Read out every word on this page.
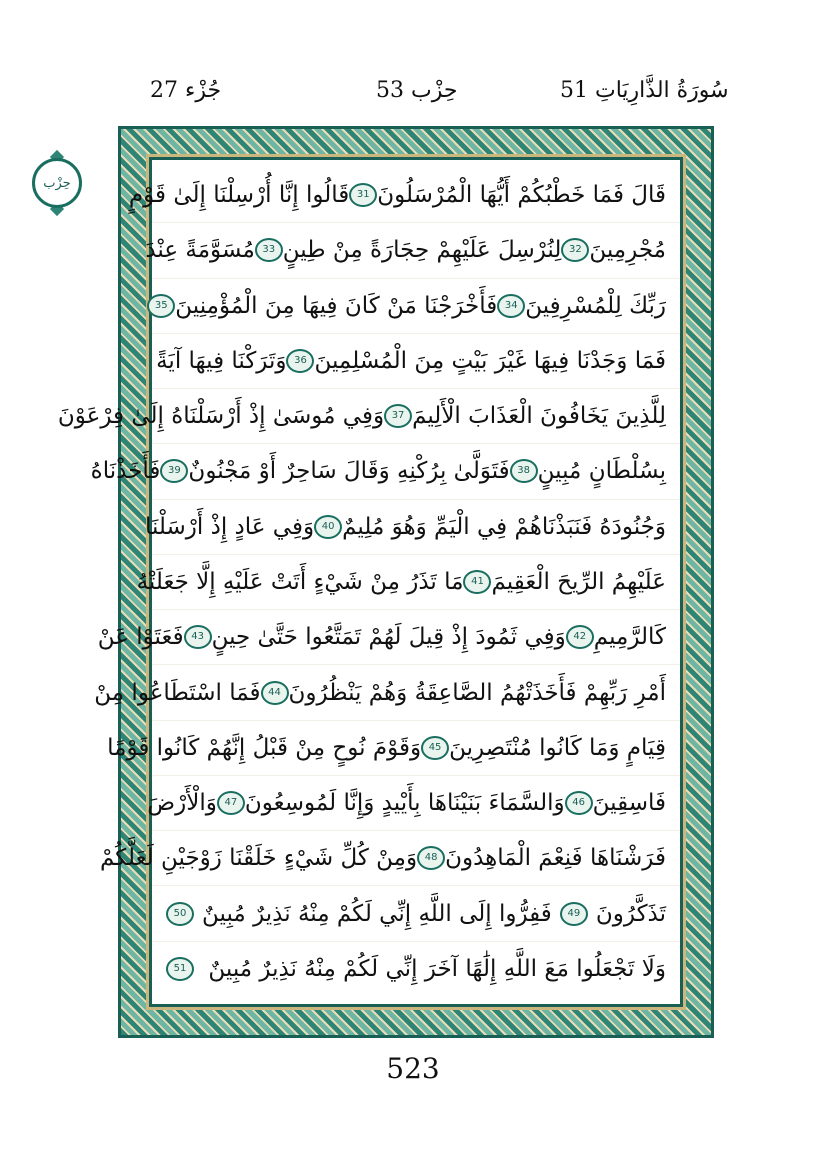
جُزْء 27	حِزْب 53	51 سُورَةُ الذَّارِيَاتِ
حِزْب	قَالَ فَمَا خَطْبُكُمْ أَيُّهَا الْمُرْسَلُونَ
31
قَالُوا إِنَّا أُرْسِلْنَا إِلَىٰ قَوْمٍ
مُجْرِمِينَ
32
لِنُرْسِلَ عَلَيْهِمْ حِجَارَةً مِنْ طِينٍ
33
مُسَوَّمَةً عِنْدَ
رَبِّكَ لِلْمُسْرِفِينَ
34
فَأَخْرَجْنَا مَنْ كَانَ فِيهَا مِنَ الْمُؤْمِنِينَ
35
فَمَا وَجَدْنَا فِيهَا غَيْرَ بَيْتٍ مِنَ الْمُسْلِمِينَ
36
وَتَرَكْنَا فِيهَا آيَةً
لِلَّذِينَ يَخَافُونَ الْعَذَابَ الْأَلِيمَ
37
وَفِي مُوسَىٰ إِذْ أَرْسَلْنَاهُ إِلَىٰ فِرْعَوْنَ
بِسُلْطَانٍ مُبِينٍ
38
فَتَوَلَّىٰ بِرُكْنِهِ وَقَالَ سَاحِرٌ أَوْ مَجْنُونٌ
39
فَأَخَذْنَاهُ
وَجُنُودَهُ فَنَبَذْنَاهُمْ فِي الْيَمِّ وَهُوَ مُلِيمٌ
40
وَفِي عَادٍ إِذْ أَرْسَلْنَا
عَلَيْهِمُ الرِّيحَ الْعَقِيمَ
41
مَا تَذَرُ مِنْ شَيْءٍ أَتَتْ عَلَيْهِ إِلَّا جَعَلَتْهُ
كَالرَّمِيمِ
42
وَفِي ثَمُودَ إِذْ قِيلَ لَهُمْ تَمَتَّعُوا حَتَّىٰ حِينٍ
43
فَعَتَوْا عَنْ
أَمْرِ رَبِّهِمْ فَأَخَذَتْهُمُ الصَّاعِقَةُ وَهُمْ يَنْظُرُونَ
44
فَمَا اسْتَطَاعُوا مِنْ
قِيَامٍ وَمَا كَانُوا مُنْتَصِرِينَ
45
وَقَوْمَ نُوحٍ مِنْ قَبْلُ إِنَّهُمْ كَانُوا قَوْمًا
فَاسِقِينَ
46
وَالسَّمَاءَ بَنَيْنَاهَا بِأَيْيدٍ وَإِنَّا لَمُوسِعُونَ
47
وَالْأَرْضَ
فَرَشْنَاهَا فَنِعْمَ الْمَاهِدُونَ
48
وَمِنْ كُلِّ شَيْءٍ خَلَقْنَا زَوْجَيْنِ لَعَلَّكُمْ
تَذَكَّرُونَ
49
فَفِرُّوا إِلَى اللَّهِ إِنِّي لَكُمْ مِنْهُ نَذِيرٌ مُبِينٌ
50
وَلَا تَجْعَلُوا مَعَ اللَّهِ إِلَٰهًا آخَرَ إِنِّي لَكُمْ مِنْهُ نَذِيرٌ مُبِينٌ
51
523
